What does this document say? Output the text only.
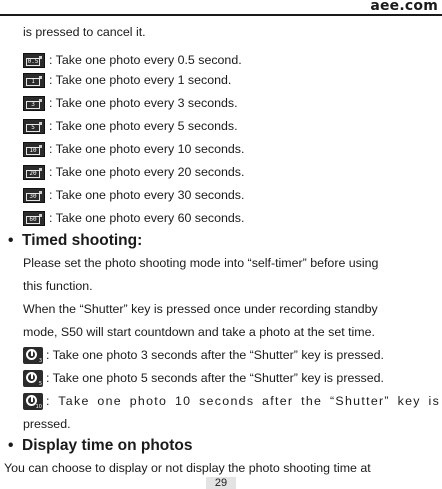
aee.com
is pressed to cancel it.
0.5 : Take one photo every 0.5 second.
1	: Take one photo every 1 second.
3	: Take one photo every 3 seconds.
5	: Take one photo every 5 seconds.
10 : Take one photo every 10 seconds.
20 : Take one photo every 20 seconds.
30 : Take one photo every 30 seconds.
60 : Take one photo every 60 seconds.
• Timed shooting:
Please set the photo shooting mode into “self-timer” before using
this function.
When the “Shutter” key is pressed once under recording standby
mode, S50 will start countdown and take a photo at the set time.
3 : Take one photo 3 seconds after the “Shutter” key is pressed.
5 : Take one photo 5 seconds after the “Shutter” key is pressed.
10 : Take one photo 10 seconds after the “Shutter” key is
pressed.
• Display time on photos
You can choose to display or not display the photo shooting time at
29
